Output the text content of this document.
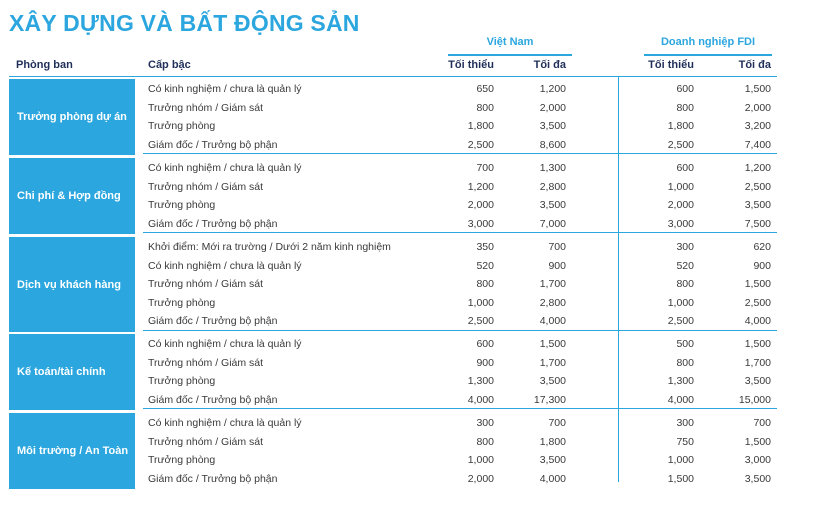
XÂY DỰNG VÀ BẤT ĐỘNG SẢN
Việt Nam	Doanh nghiệp FDI
Phòng ban	Cấp bậc	Tối thiểu	Tối đa	Tối thiểu	Tối đa
Trưởng phòng dự án
Có kinh nghiệm / chưa là quản lý	650	1,200	600	1,500
Trưởng nhóm / Giám sát	800	2,000	800	2,000
Trưởng phòng	1,800	3,500	1,800	3,200
Giám đốc / Trưởng bộ phận	2,500	8,600	2,500	7,400
Chi phí & Hợp đồng
Có kinh nghiệm / chưa là quản lý	700	1,300	600	1,200
Trưởng nhóm / Giám sát	1,200	2,800	1,000	2,500
Trưởng phòng	2,000	3,500	2,000	3,500
Giám đốc / Trưởng bộ phận	3,000	7,000	3,000	7,500
Dịch vụ khách hàng
Khởi điểm: Mới ra trường / Dưới 2 năm kinh nghiệm	350	700	300	620
Có kinh nghiệm / chưa là quản lý	520	900	520	900
Trưởng nhóm / Giám sát	800	1,700	800	1,500
Trưởng phòng	1,000	2,800	1,000	2,500
Giám đốc / Trưởng bộ phận	2,500	4,000	2,500	4,000
Kế toán/tài chính
Có kinh nghiệm / chưa là quản lý	600	1,500	500	1,500
Trưởng nhóm / Giám sát	900	1,700	800	1,700
Trưởng phòng	1,300	3,500	1,300	3,500
Giám đốc / Trưởng bộ phận	4,000	17,300	4,000	15,000
Môi trường / An Toàn
Có kinh nghiệm / chưa là quản lý	300	700	300	700
Trưởng nhóm / Giám sát	800	1,800	750	1,500
Trưởng phòng	1,000	3,500	1,000	3,000
Giám đốc / Trưởng bộ phận	2,000	4,000	1,500	3,500
